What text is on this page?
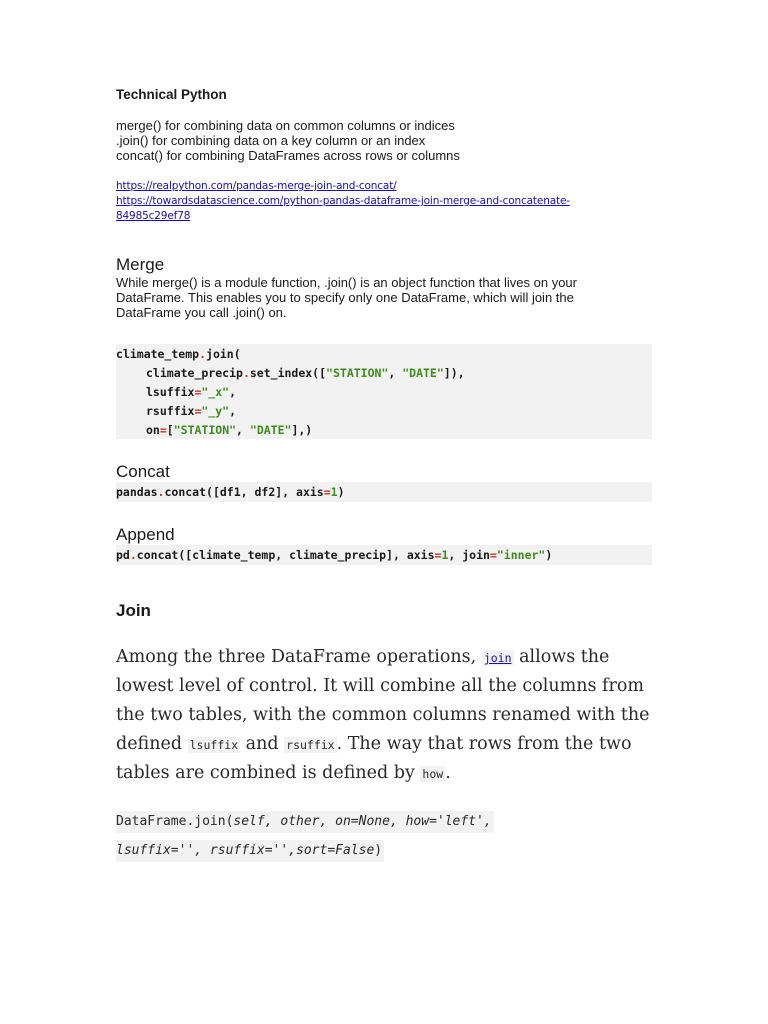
Technical Python
merge() for combining data on common columns or indices
.join() for combining data on a key column or an index
concat() for combining DataFrames across rows or columns
https://realpython.com/pandas-merge-join-and-concat/
https://towardsdatascience.com/python-pandas-dataframe-join-merge-and-concatenate-
84985c29ef78
Merge
While merge() is a module function, .join() is an object function that lives on your
DataFrame. This enables you to specify only one DataFrame, which will join the
DataFrame you call .join() on.
climate_temp.join(
climate_precip.set_index(["STATION", "DATE"]),
lsuffix="_x",
rsuffix="_y",
on=["STATION", "DATE"],)
Concat
pandas.concat([df1, df2], axis=1)
Append
pd.concat([climate_temp, climate_precip], axis=1, join="inner")
Join
Among the three DataFrame operations, join allows the
lowest level of control. It will combine all the columns from
the two tables, with the common columns renamed with the
defined lsuffix and rsuffix . The way that rows from the two
tables are combined is defined by how .
DataFrame.join(self, other, on=None, how='left',
lsuffix='', rsuffix='',sort=False)
